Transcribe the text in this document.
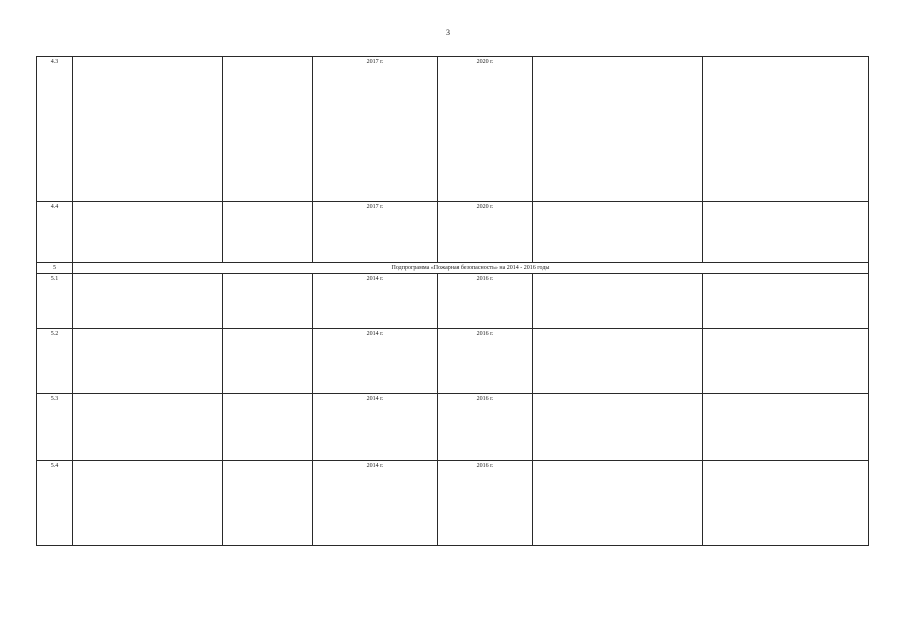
3
4.3			2017 г.	2020 г.		
4.4			2017 г.	2020 г.		
5	Подпрограмма «Пожарная безопасность» на 2014 - 2016 годы					
5.1			2014 г.	2016 г.		
5.2			2014 г.	2016 г.		
5.3			2014 г.	2016 г.		
5.4			2014 г.	2016 г.		
